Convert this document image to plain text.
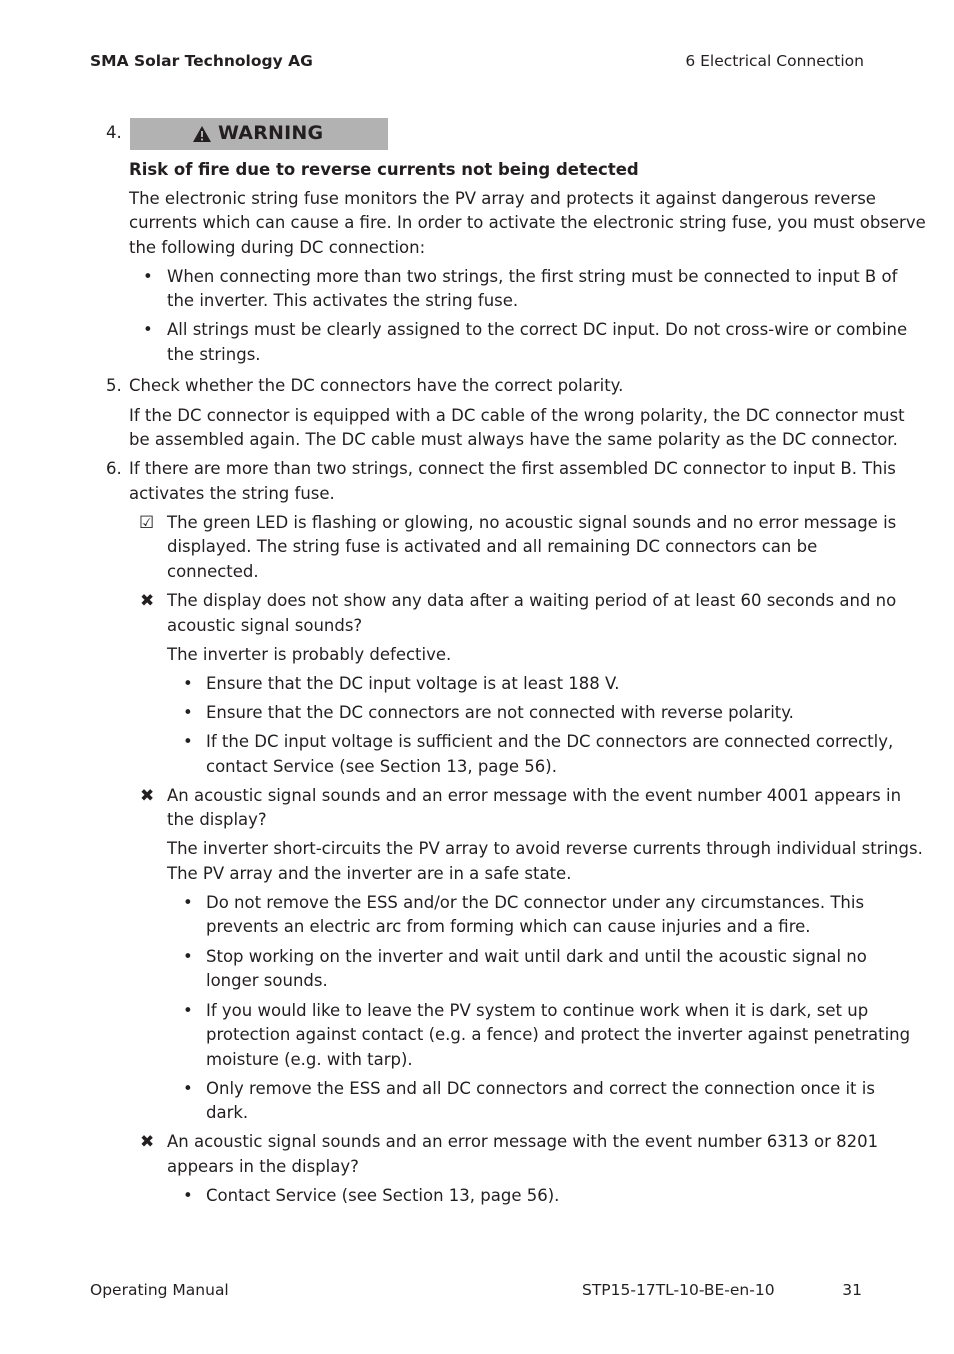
SMA Solar Technology AG	6 Electrical Connection
4.	WARNING
Risk of fire due to reverse currents not being detected
The electronic string fuse monitors the PV array and protects it against dangerous reverse
currents which can cause a fire. In order to activate the electronic string fuse, you must observe
the following during DC connection:
• When connecting more than two strings, the first string must be connected to input B of
the inverter. This activates the string fuse.
• All strings must be clearly assigned to the correct DC input. Do not cross-wire or combine
the strings.
5. Check whether the DC connectors have the correct polarity.
If the DC connector is equipped with a DC cable of the wrong polarity, the DC connector must
be assembled again. The DC cable must always have the same polarity as the DC connector.
6. If there are more than two strings, connect the first assembled DC connector to input B. This
activates the string fuse.
☑ The green LED is flashing or glowing, no acoustic signal sounds and no error message is
displayed. The string fuse is activated and all remaining DC connectors can be
connected.
✖ The display does not show any data after a waiting period of at least 60 seconds and no
acoustic signal sounds?
The inverter is probably defective.
• Ensure that the DC input voltage is at least 188 V.
• Ensure that the DC connectors are not connected with reverse polarity.
• If the DC input voltage is sufficient and the DC connectors are connected correctly,
contact Service (see Section 13, page 56).
✖ An acoustic signal sounds and an error message with the event number 4001 appears in
the display?
The inverter short-circuits the PV array to avoid reverse currents through individual strings.
The PV array and the inverter are in a safe state.
• Do not remove the ESS and/or the DC connector under any circumstances. This
prevents an electric arc from forming which can cause injuries and a fire.
• Stop working on the inverter and wait until dark and until the acoustic signal no
longer sounds.
• If you would like to leave the PV system to continue work when it is dark, set up
protection against contact (e.g. a fence) and protect the inverter against penetrating
moisture (e.g. with tarp).
• Only remove the ESS and all DC connectors and correct the connection once it is
dark.
✖ An acoustic signal sounds and an error message with the event number 6313 or 8201
appears in the display?
• Contact Service (see Section 13, page 56).
Operating Manual	STP15-17TL-10-BE-en-10	31
